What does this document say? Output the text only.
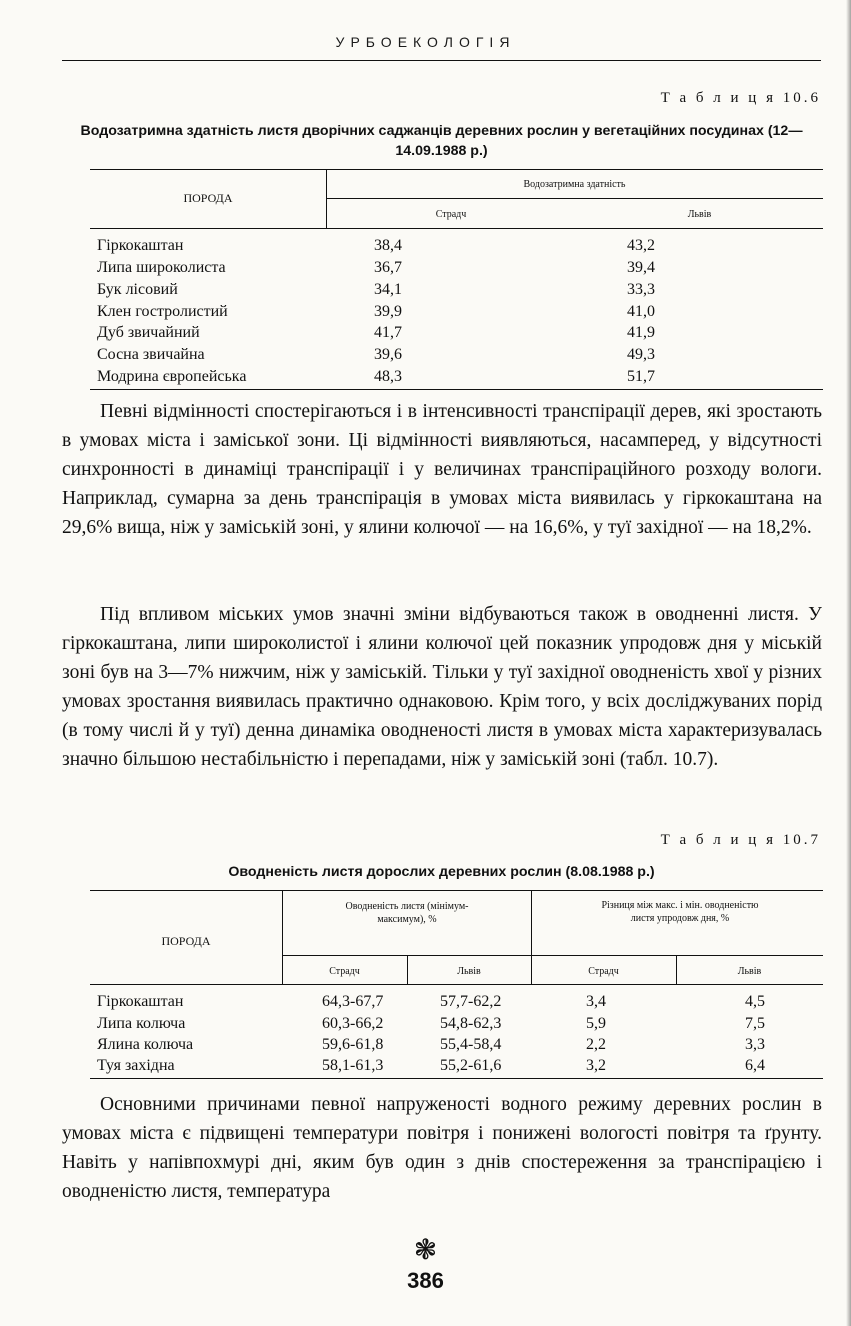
УРБОЕКОЛОГІЯ
Т а б л и ц я 10.6
Водозатримна здатність листя дворічних саджанців деревних рослин у вегетаційних посудинах (12—14.09.1988 р.)
ПОРОДА
Водозатримна здатність
Страдч	Львів
Гіркокаштан	38,4	43,2
Липа широколиста	36,7	39,4
Бук лісовий	34,1	33,3
Клен гостролистий	39,9	41,0
Дуб звичайний	41,7	41,9
Сосна звичайна	39,6	49,3
Модрина європейська	48,3	51,7
Певні відмінності спостерігаються і в інтенсивності транспірації дерев, які зростають в умовах міста і заміської зони. Ці відмінності виявляються, насамперед, у відсутності синхронності в динаміці транспірації і у величинах транспіраційного розходу вологи. Наприклад, сумарна за день транспірація в умовах міста виявилась у гіркокаштана на 29,6% вища, ніж у заміській зоні, у ялини колючої — на 16,6%, у туї західної — на 18,2%.
Під впливом міських умов значні зміни відбуваються також в оводненні листя. У гіркокаштана, липи широколистої і ялини колючої цей показник упродовж дня у міській зоні був на 3—7% нижчим, ніж у заміській. Тільки у туї західної оводненість хвої у різних умовах зростання виявилась практично однаковою. Крім того, у всіх досліджуваних порід (в тому числі й у туї) денна динаміка оводненості листя в умовах міста характеризувалась значно більшою нестабільністю і перепадами, ніж у заміській зоні (табл. 10.7).
Т а б л и ц я 10.7
Оводненість листя дорослих деревних рослин (8.08.1988 р.)
ПОРОДА
Оводненість листя (мінімум-максимум), %
Різниця між макс. і мін. оводненістю листя упродовж дня, %
Страдч	Львів	Страдч	Львів
Гіркокаштан	64,3-67,7	57,7-62,2	3,4	4,5
Липа колюча	60,3-66,2	54,8-62,3	5,9	7,5
Ялина колюча	59,6-61,8	55,4-58,4	2,2	3,3
Туя західна	58,1-61,3	55,2-61,6	3,2	6,4
Основними причинами певної напруженості водного режиму деревних рослин в умовах міста є підвищені температури повітря і понижені вологості повітря та ґрунту. Навіть у напівпохмурі дні, яким був один з днів спостереження за транспірацією і оводненістю листя, температура
❃
386
